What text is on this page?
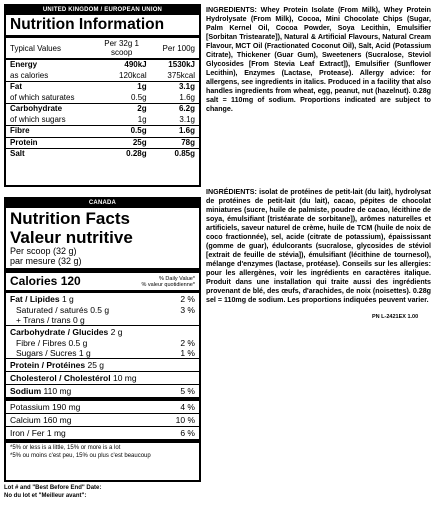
UNITED KINGDOM / EUROPEAN UNION
Nutrition Information
Typical Values	Per 32g 1 scoop	Per 100g
Energy	490kJ	1530kJ
as calories	120kcal	375kcal
Fat	1g	3.1g
of which saturates	0.5g	1.6g
Carbohydrate	2g	6.2g
of which sugars	1g	3.1g
Fibre	0.5g	1.6g
Protein	25g	78g
Salt	0.28g	0.85g
CANADA
Nutrition Facts
Valeur nutritive
Per scoop (32 g)
par mesure (32 g)
Calories 120	% Daily Value*
% valeur quotidienne*
Fat / Lipides 1 g	2 %
Saturated / saturés 0.5 g	3 %
+ Trans / trans 0 g
Carbohydrate / Glucides 2 g
Fibre / Fibres 0.5 g	2 %
Sugars / Sucres 1 g	1 %
Protein / Protéines 25 g
Cholesterol / Cholestérol 10 mg
Sodium 110 mg	5 %
Potassium 190 mg	4 %
Calcium 160 mg	10 %
Iron / Fer 1 mg	6 %
*5% or less is a little, 15% or more is a lot
*5% ou moins c'est peu, 15% ou plus c'est beaucoup
Lot # and "Best Before End" Date:
No du lot et "Meilleur avant":
INGREDIENTS: Whey Protein Isolate (From Milk), Whey Protein Hydrolysate (From Milk), Cocoa, Mini Chocolate Chips (Sugar, Palm Kernel Oil, Cocoa Powder, Soya Lecithin, Emulsifier [Sorbitan Tristearate]), Natural & Artificial Flavours, Natural Cream Flavour, MCT Oil (Fractionated Coconut Oil), Salt, Acid (Potassium Citrate), Thickener (Guar Gum), Sweeteners (Sucralose, Steviol Glycosides [From Stevia Leaf Extract]), Emulsifier (Sunflower Lecithin), Enzymes (Lactase, Protease). Allergy advice: for allergens, see ingredients in italics. Produced in a facility that also handles ingredients from wheat, egg, peanut, nut (hazelnut). 0.28g salt = 110mg of sodium. Proportions indicated are subject to change.
INGRÉDIENTS: isolat de protéines de petit-lait (du lait), hydrolysat de protéines de petit-lait (du lait), cacao, pépites de chocolat miniatures (sucre, huile de palmiste, poudre de cacao, lécithine de soya, émulsifiant [tristéarate de sorbitane]), arômes naturelles et artificiels, saveur naturel de crème, huile de TCM (huile de noix de coco fractionnée), sel, acide (citrate de potassium), épaississant (gomme de guar), édulcorants (sucralose, glycosides de stéviol [extrait de feuille de stévia]), émulsifiant (lécithine de tournesol), mélange d'enzymes (lactase, protéase). Conseils sur les allergies: pour les allergènes, voir les ingrédients en caractères italique. Produit dans une installation qui traite aussi des ingrédients provenant de blé, des œufs, d'arachides, de noix (noisettes). 0.28g sel = 110mg de sodium. Les proportions indiquées peuvent varier.
PN L-2421EX 1.00
